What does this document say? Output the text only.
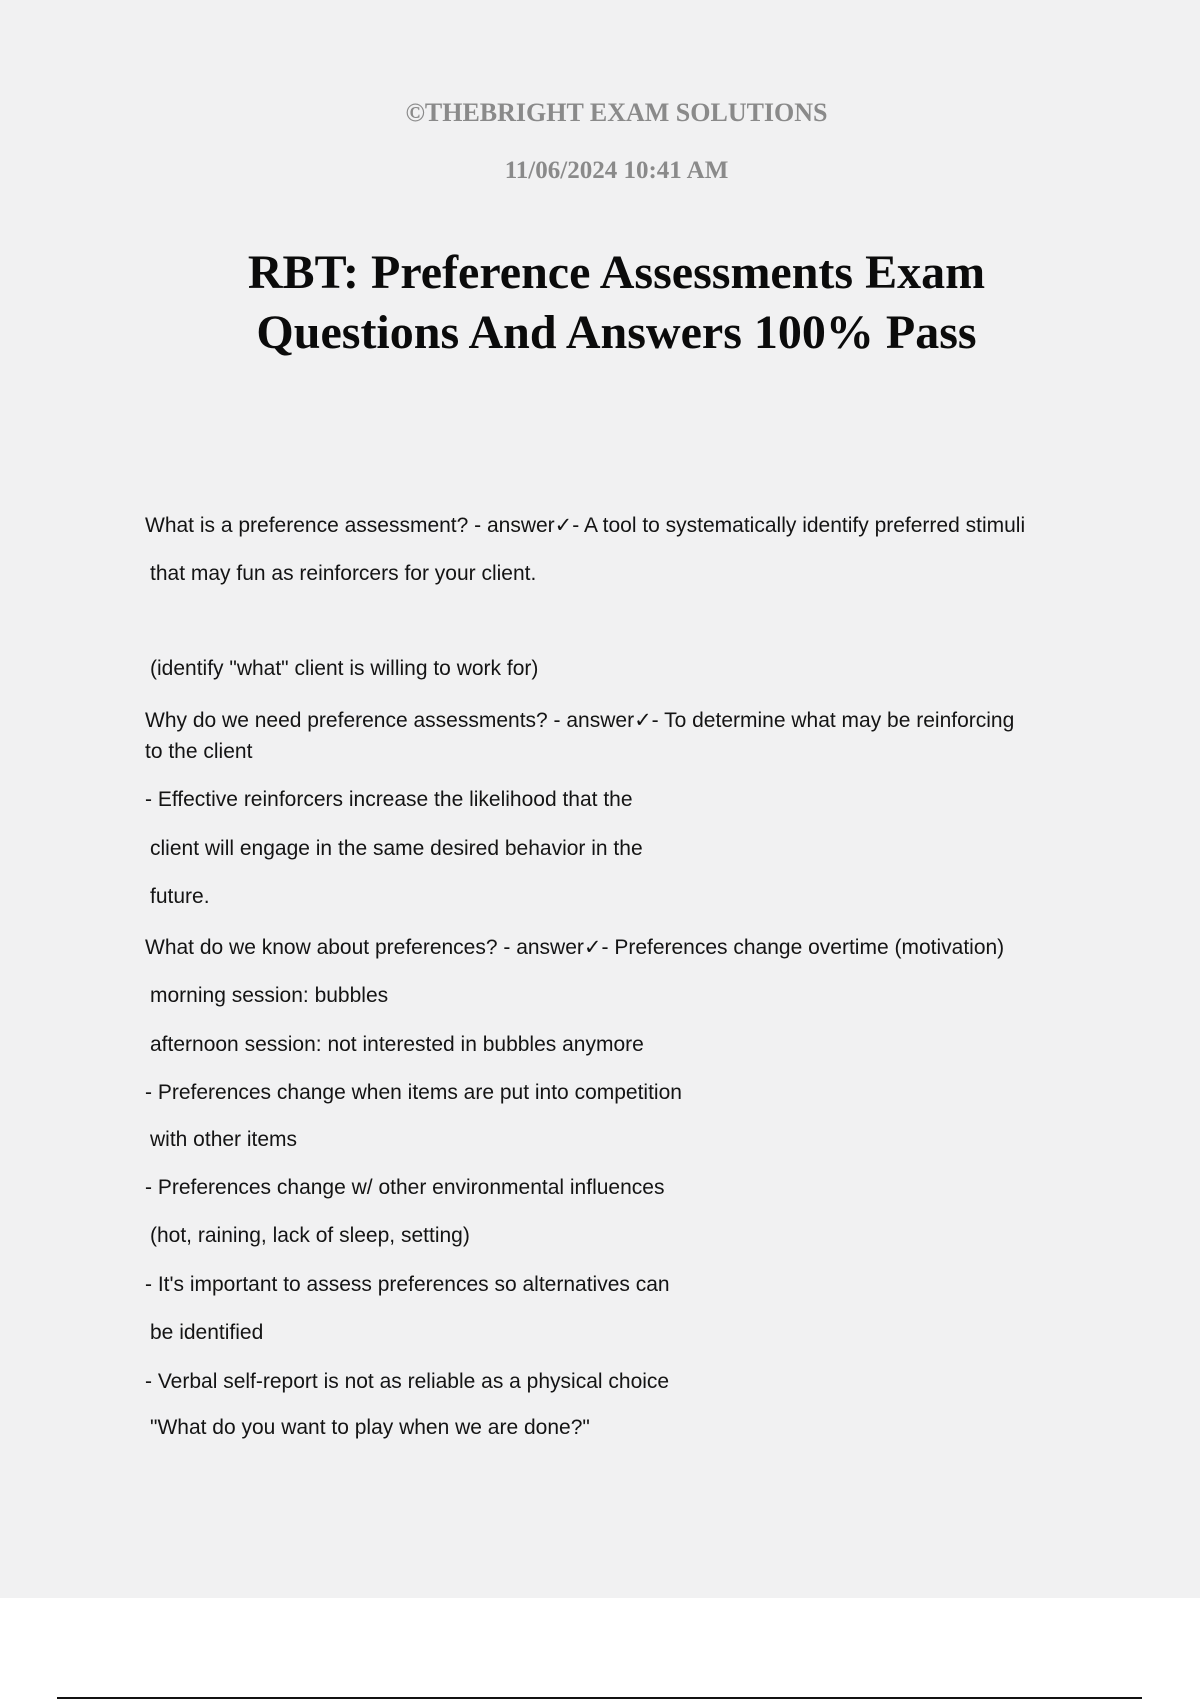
©THEBRIGHT EXAM SOLUTIONS
11/06/2024 10:41 AM
RBT: Preference Assessments Exam
Questions And Answers 100% Pass
What is a preference assessment? - answer✓- A tool to systematically identify preferred stimuli
that may fun as reinforcers for your client.
(identify "what" client is willing to work for)
Why do we need preference assessments? - answer✓- To determine what may be reinforcing
to the client
- Effective reinforcers increase the likelihood that the
client will engage in the same desired behavior in the
future.
What do we know about preferences? - answer✓- Preferences change overtime (motivation)
morning session: bubbles
afternoon session: not interested in bubbles anymore
- Preferences change when items are put into competition
with other items
- Preferences change w/ other environmental influences
(hot, raining, lack of sleep, setting)
- It's important to assess preferences so alternatives can
be identified
- Verbal self-report is not as reliable as a physical choice
"What do you want to play when we are done?"
